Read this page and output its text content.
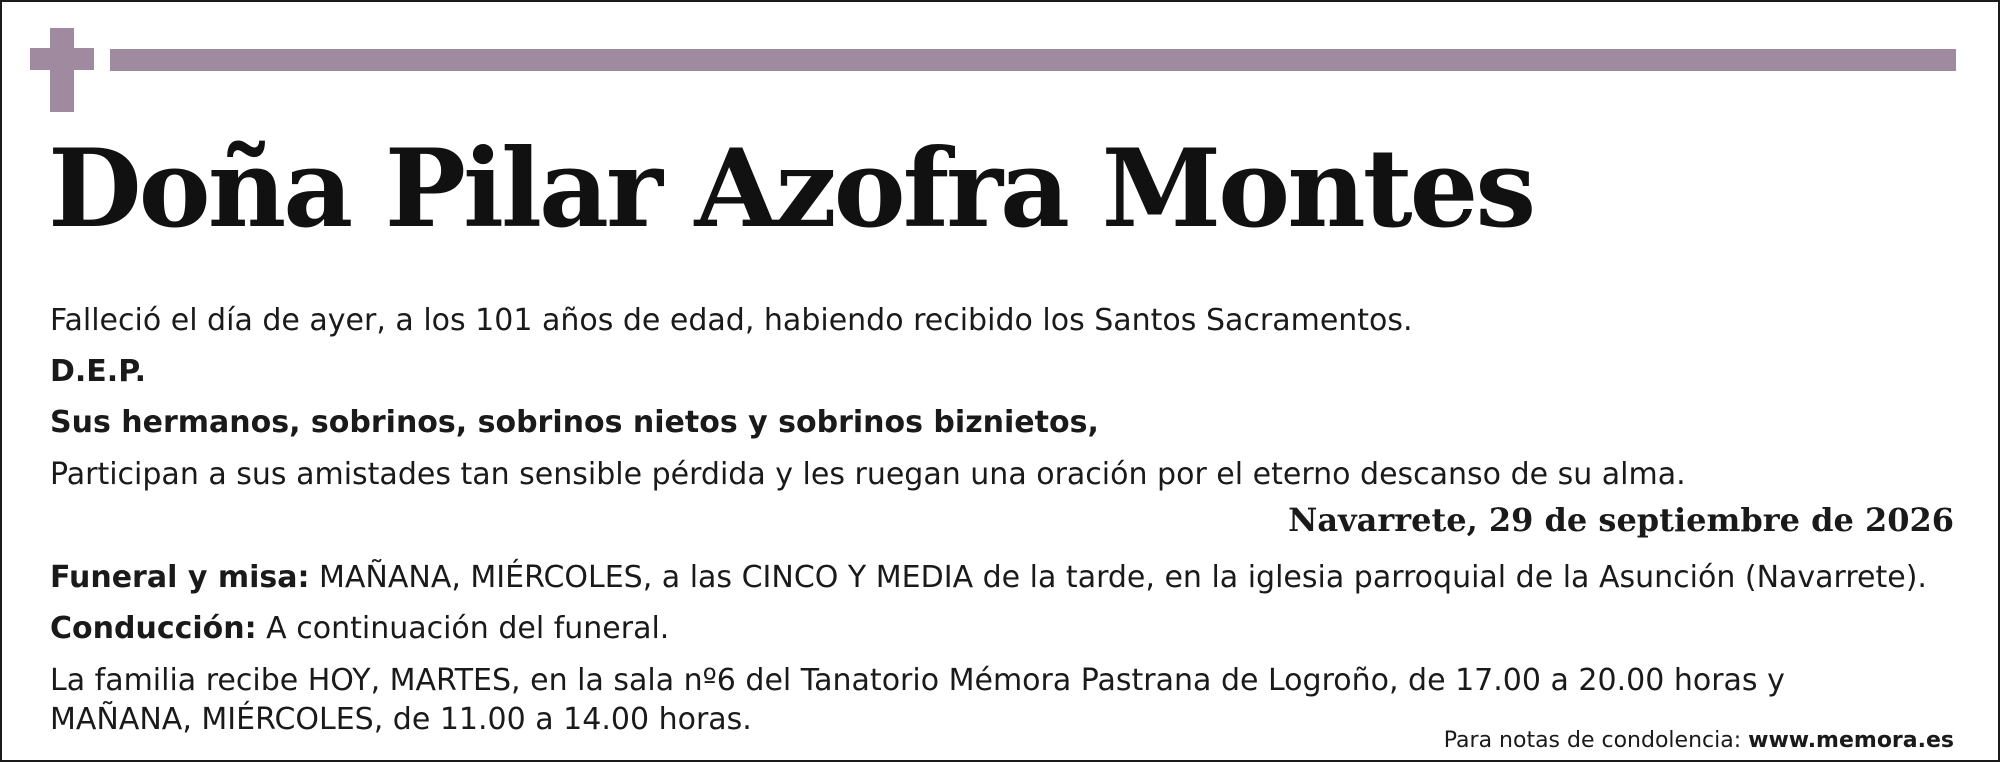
Doña Pilar Azofra Montes

Falleció el día de ayer, a los 101 años de edad, habiendo recibido los Santos Sacramentos.

D.E.P.

Sus hermanos, sobrinos, sobrinos nietos y sobrinos biznietos,

Participan a sus amistades tan sensible pérdida y les ruegan una oración por el eterno descanso de su alma.

Navarrete, 29 de septiembre de 2026

Funeral y misa: MAÑANA, MIÉRCOLES, a las CINCO Y MEDIA de la tarde, en la iglesia parroquial de la Asunción (Navarrete).

Conducción: A continuación del funeral.

La familia recibe HOY, MARTES, en la sala nº6 del Tanatorio Mémora Pastrana de Logroño, de 17.00 a 20.00 horas y

MAÑANA, MIÉRCOLES, de 11.00 a 14.00 horas.

Para notas de condolencia: www.memora.es
